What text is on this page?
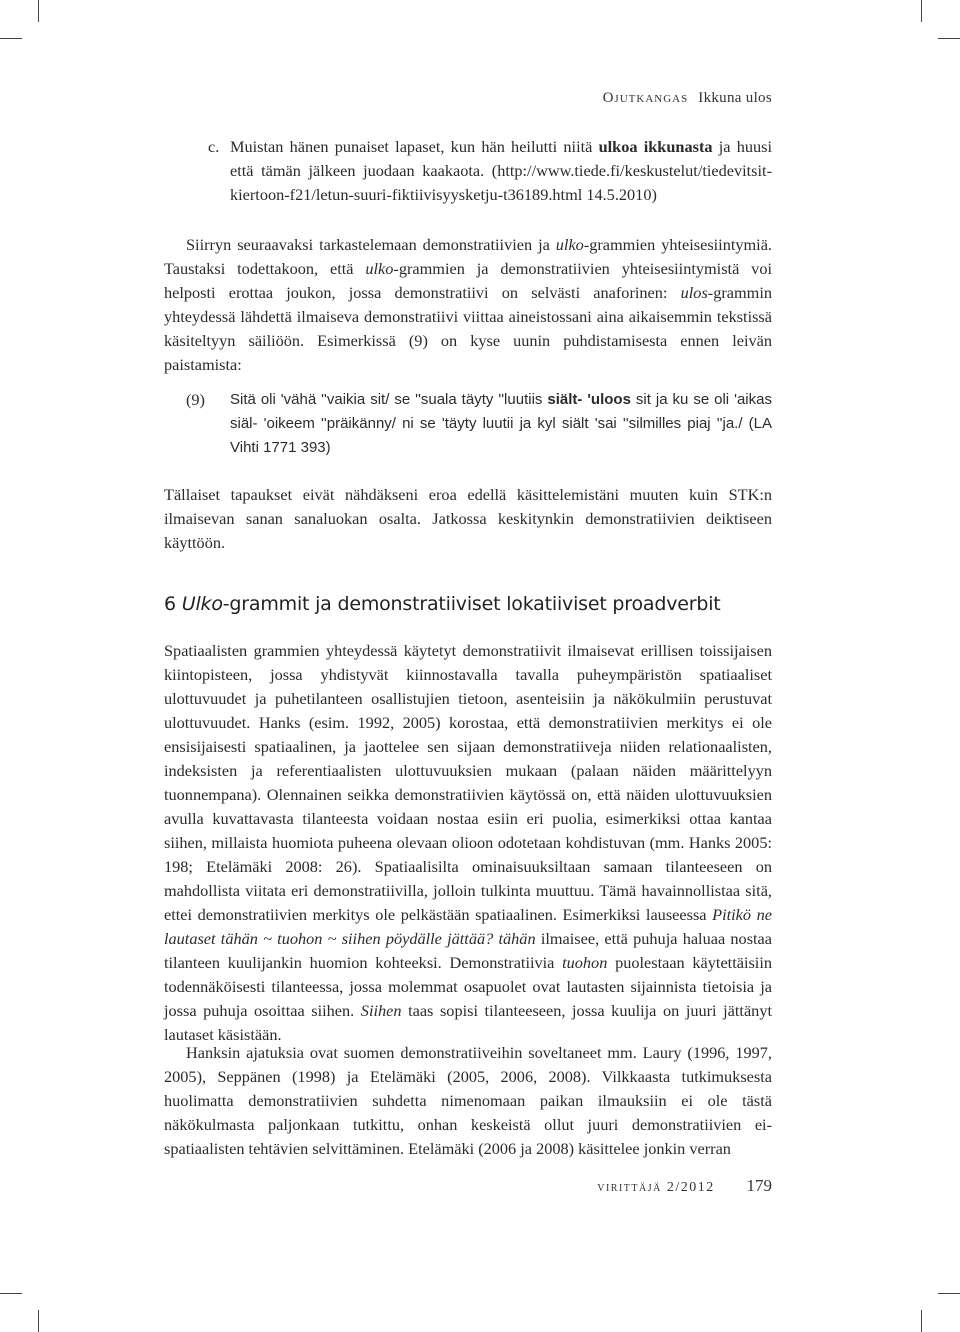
Ojutkangas Ikkuna ulos
c. Muistan hänen punaiset lapaset, kun hän heilutti niitä ulkoa ikkunasta ja huusi että tämän jälkeen juodaan kaakaota. (http://www.tiede.fi/keskustelut/tiedevitsit-kiertoon-f21/letun-suuri-fiktiivisyysketju-t36189.html 14.5.2010)

Siirryn seuraavaksi tarkastelemaan demonstratiivien ja ulko-grammien yhteisesiintymiä. Taustaksi todettakoon, että ulko-grammien ja demonstratiivien yhteisesiintymistä voi helposti erottaa joukon, jossa demonstratiivi on selvästi anaforinen: ulos-grammin yhteydessä lähdettä ilmaiseva demonstratiivi viittaa aineistossani aina aikaisemmin tekstissä käsiteltyyn säiliöön. Esimerkissä (9) on kyse uunin puhdistamisesta ennen leivän paistamista:

(9) Sitä oli 'vähä ''vaikia sit/ se ''suala täyty ''luutiis siält- 'uloos sit ja ku se oli 'aikas siäl- 'oikeem ''präikänny/ ni se 'täyty luutii ja kyl siält 'sai ''silmilles piaj ''ja./ (LA Vihti 1771 393)

Tällaiset tapaukset eivät nähdäkseni eroa edellä käsittelemistäni muuten kuin STK:n ilmaisevan sanan sanaluokan osalta. Jatkossa keskitynkin demonstratiivien deiktiseen käyttöön.

6 Ulko-grammit ja demonstratiiviset lokatiiviset proadverbit

Spatiaalisten grammien yhteydessä käytetyt demonstratiivit ilmaisevat erillisen toissijaisen kiintopisteen, jossa yhdistyvät kiinnostavalla tavalla puheympäristön spatiaaliset ulottuvuudet ja puhetilanteen osallistujien tietoon, asenteisiin ja näkökulmiin perustuvat ulottuvuudet. Hanks (esim. 1992, 2005) korostaa, että demonstratiivien merkitys ei ole ensisijaisesti spatiaalinen, ja jaottelee sen sijaan demonstratiiveja niiden relationaalisten, indeksisten ja referentiaalisten ulottuvuuksien mukaan (palaan näiden määrittelyyn tuonnempana). Olennainen seikka demonstratiivien käytössä on, että näiden ulottuvuuksien avulla kuvattavasta tilanteesta voidaan nostaa esiin eri puolia, esimerkiksi ottaa kantaa siihen, millaista huomiota puheena olevaan olioon odotetaan kohdistuvan (mm. Hanks 2005: 198; Etelämäki 2008: 26). Spatiaalisilta ominaisuuksiltaan samaan tilanteeseen on mahdollista viitata eri demonstratiivilla, jolloin tulkinta muuttuu. Tämä havainnollistaa sitä, ettei demonstratiivien merkitys ole pelkästään spatiaalinen. Esimerkiksi lauseessa Pitikö ne lautaset tähän ~ tuohon ~ siihen pöydälle jättää? tähän ilmaisee, että puhuja haluaa nostaa tilanteen kuulijankin huomion kohteeksi. Demonstratiivia tuohon puolestaan käytettäisiin todennäköisesti tilanteessa, jossa molemmat osapuolet ovat lautasten sijainnista tietoisia ja jossa puhuja osoittaa siihen. Siihen taas sopisi tilanteeseen, jossa kuulija on juuri jättänyt lautaset käsistään.

Hanksin ajatuksia ovat suomen demonstratiiveihin soveltaneet mm. Laury (1996, 1997, 2005), Seppänen (1998) ja Etelämäki (2005, 2006, 2008). Vilkkaasta tutkimuksesta huolimatta demonstratiivien suhdetta nimenomaan paikan ilmauksiin ei ole tästä näkökulmasta paljonkaan tutkittu, onhan keskeistä ollut juuri demonstratiivien ei-spatiaalisten tehtävien selvittäminen. Etelämäki (2006 ja 2008) käsittelee jonkin verran

virittäjä 2/2012 179
